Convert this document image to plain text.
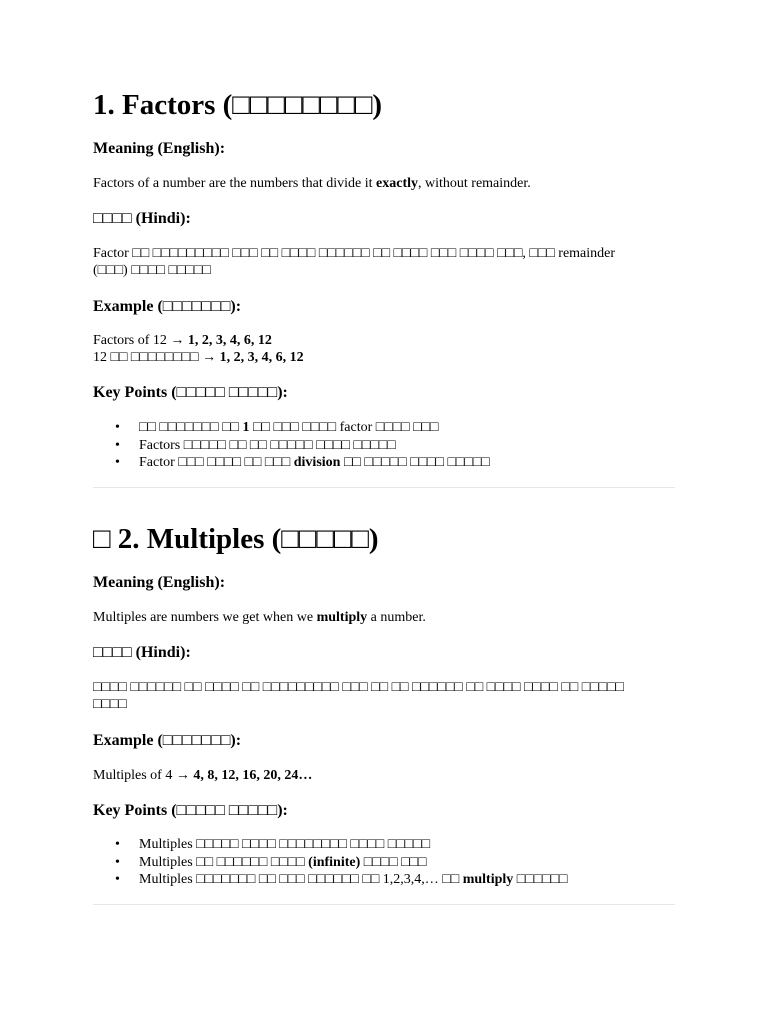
1. Factors (□□□□□□□□)
Meaning (English):

Factors of a number are the numbers that divide it exactly, without remainder.

□□□□ (Hindi):

Factor □□ □□□□□□□□□ □□□ □□ □□□□ □□□□□□ □□ □□□□ □□□ □□□□ □□□, □□□ remainder

(□□□) □□□□ □□□□□

Example (□□□□□□□):

Factors of 12 → 1, 2, 3, 4, 6, 12

12 □□ □□□□□□□□ → 1, 2, 3, 4, 6, 12

Key Points (□□□□□ □□□□□):
• □□ □□□□□□□ □□ 1 □□ □□□ □□□□ factor □□□□ □□□
• Factors □□□□□ □□ □□ □□□□□ □□□□ □□□□□
• Factor □□□ □□□□ □□ □□□ division □□ □□□□□ □□□□ □□□□□
□ 2. Multiples (□□□□□)
Meaning (English):

Multiples are numbers we get when we multiply a number.

□□□□ (Hindi):

□□□□ □□□□□□ □□ □□□□ □□ □□□□□□□□□ □□□ □□ □□ □□□□□□ □□ □□□□ □□□□ □□ □□□□□

□□□□

Example (□□□□□□□):

Multiples of 4 → 4, 8, 12, 16, 20, 24…

Key Points (□□□□□ □□□□□):
• Multiples □□□□□ □□□□ □□□□□□□□ □□□□ □□□□□
• Multiples □□ □□□□□□ □□□□ (infinite) □□□□ □□□
• Multiples □□□□□□□ □□ □□□ □□□□□□ □□ 1,2,3,4,… □□ multiply □□□□□□
